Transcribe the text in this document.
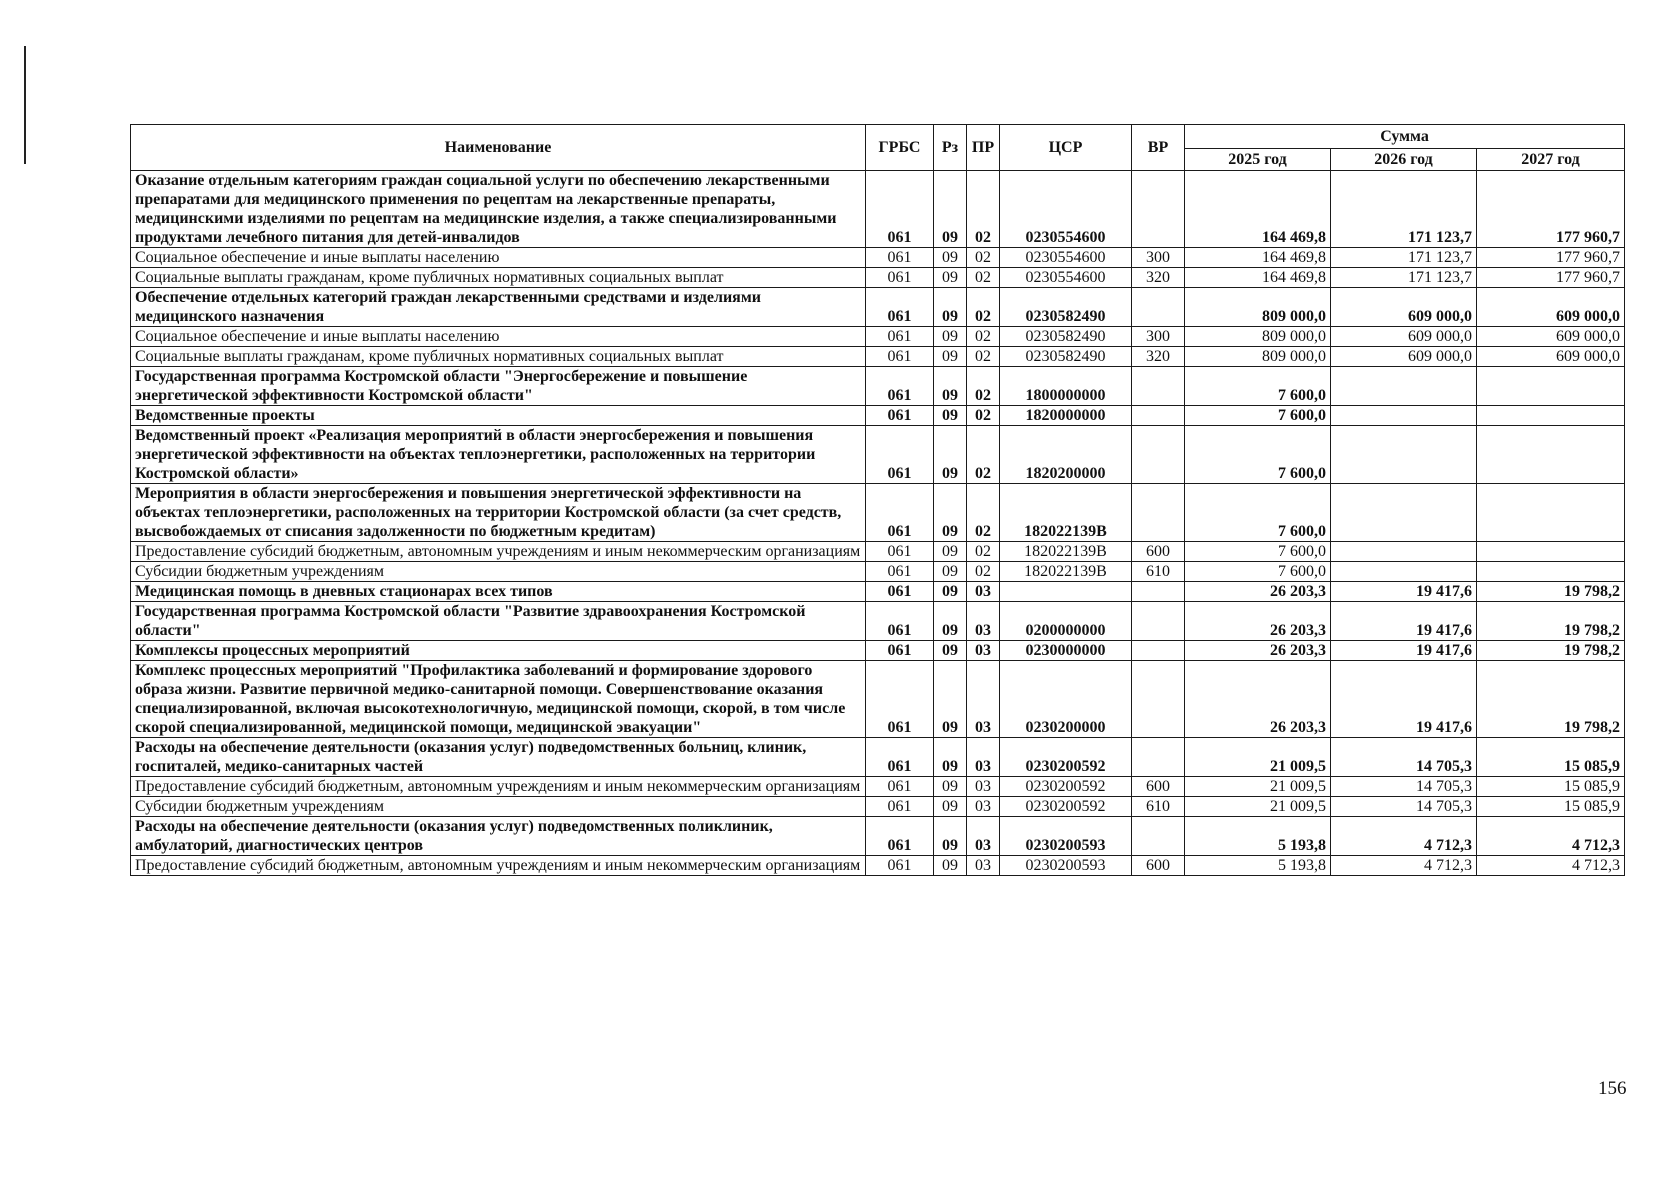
Наименование	ГРБС	Рз	ПР	ЦСР	ВР	Сумма		
						2025 год	2026 год	2027 год
Оказание отдельным категориям граждан социальной услуги по обеспечению лекарственными препаратами для медицинского применения по рецептам на лекарственные препараты, медицинскими изделиями по рецептам на медицинские изделия, а также специализированными продуктами лечебного питания для детей-инвалидов	061	09	02	0230554600		164 469,8	171 123,7	177 960,7
Социальное обеспечение и иные выплаты населению	061	09	02	0230554600	300	164 469,8	171 123,7	177 960,7
Социальные выплаты гражданам, кроме публичных нормативных социальных выплат	061	09	02	0230554600	320	164 469,8	171 123,7	177 960,7
Обеспечение отдельных категорий граждан лекарственными средствами и изделиями медицинского назначения	061	09	02	0230582490		809 000,0	609 000,0	609 000,0
Социальное обеспечение и иные выплаты населению	061	09	02	0230582490	300	809 000,0	609 000,0	609 000,0
Социальные выплаты гражданам, кроме публичных нормативных социальных выплат	061	09	02	0230582490	320	809 000,0	609 000,0	609 000,0
Государственная программа Костромской области "Энергосбережение и повышение энергетической эффективности Костромской области"	061	09	02	1800000000		7 600,0		
Ведомственные проекты	061	09	02	1820000000		7 600,0		
Ведомственный проект «Реализация мероприятий в области энергосбережения и повышения энергетической эффективности на объектах теплоэнергетики, расположенных на территории Костромской области»	061	09	02	1820200000		7 600,0		
Мероприятия в области энергосбережения и повышения энергетической эффективности на объектах теплоэнергетики, расположенных на территории Костромской области (за счет средств, высвобождаемых от списания задолженности по бюджетным кредитам)	061	09	02	182022139В		7 600,0		
Предоставление субсидий бюджетным, автономным учреждениям и иным некоммерческим организациям	061	09	02	182022139В	600	7 600,0		
Субсидии бюджетным учреждениям	061	09	02	182022139В	610	7 600,0		
Медицинская помощь в дневных стационарах всех типов	061	09	03			26 203,3	19 417,6	19 798,2
Государственная программа Костромской области "Развитие здравоохранения Костромской области"	061	09	03	0200000000		26 203,3	19 417,6	19 798,2
Комплексы процессных мероприятий	061	09	03	0230000000		26 203,3	19 417,6	19 798,2
Комплекс процессных мероприятий "Профилактика заболеваний и формирование здорового образа жизни. Развитие первичной медико-санитарной помощи. Совершенствование оказания специализированной, включая высокотехнологичную, медицинской помощи, скорой, в том числе скорой специализированной, медицинской помощи, медицинской эвакуации"	061	09	03	0230200000		26 203,3	19 417,6	19 798,2
Расходы на обеспечение деятельности (оказания услуг) подведомственных больниц, клиник, госпиталей, медико-санитарных частей	061	09	03	0230200592		21 009,5	14 705,3	15 085,9
Предоставление субсидий бюджетным, автономным учреждениям и иным некоммерческим организациям	061	09	03	0230200592	600	21 009,5	14 705,3	15 085,9
Субсидии бюджетным учреждениям	061	09	03	0230200592	610	21 009,5	14 705,3	15 085,9
Расходы на обеспечение деятельности (оказания услуг) подведомственных поликлиник, амбулаторий, диагностических центров	061	09	03	0230200593		5 193,8	4 712,3	4 712,3
Предоставление субсидий бюджетным, автономным учреждениям и иным некоммерческим организациям	061	09	03	0230200593	600	5 193,8	4 712,3	4 712,3
156
